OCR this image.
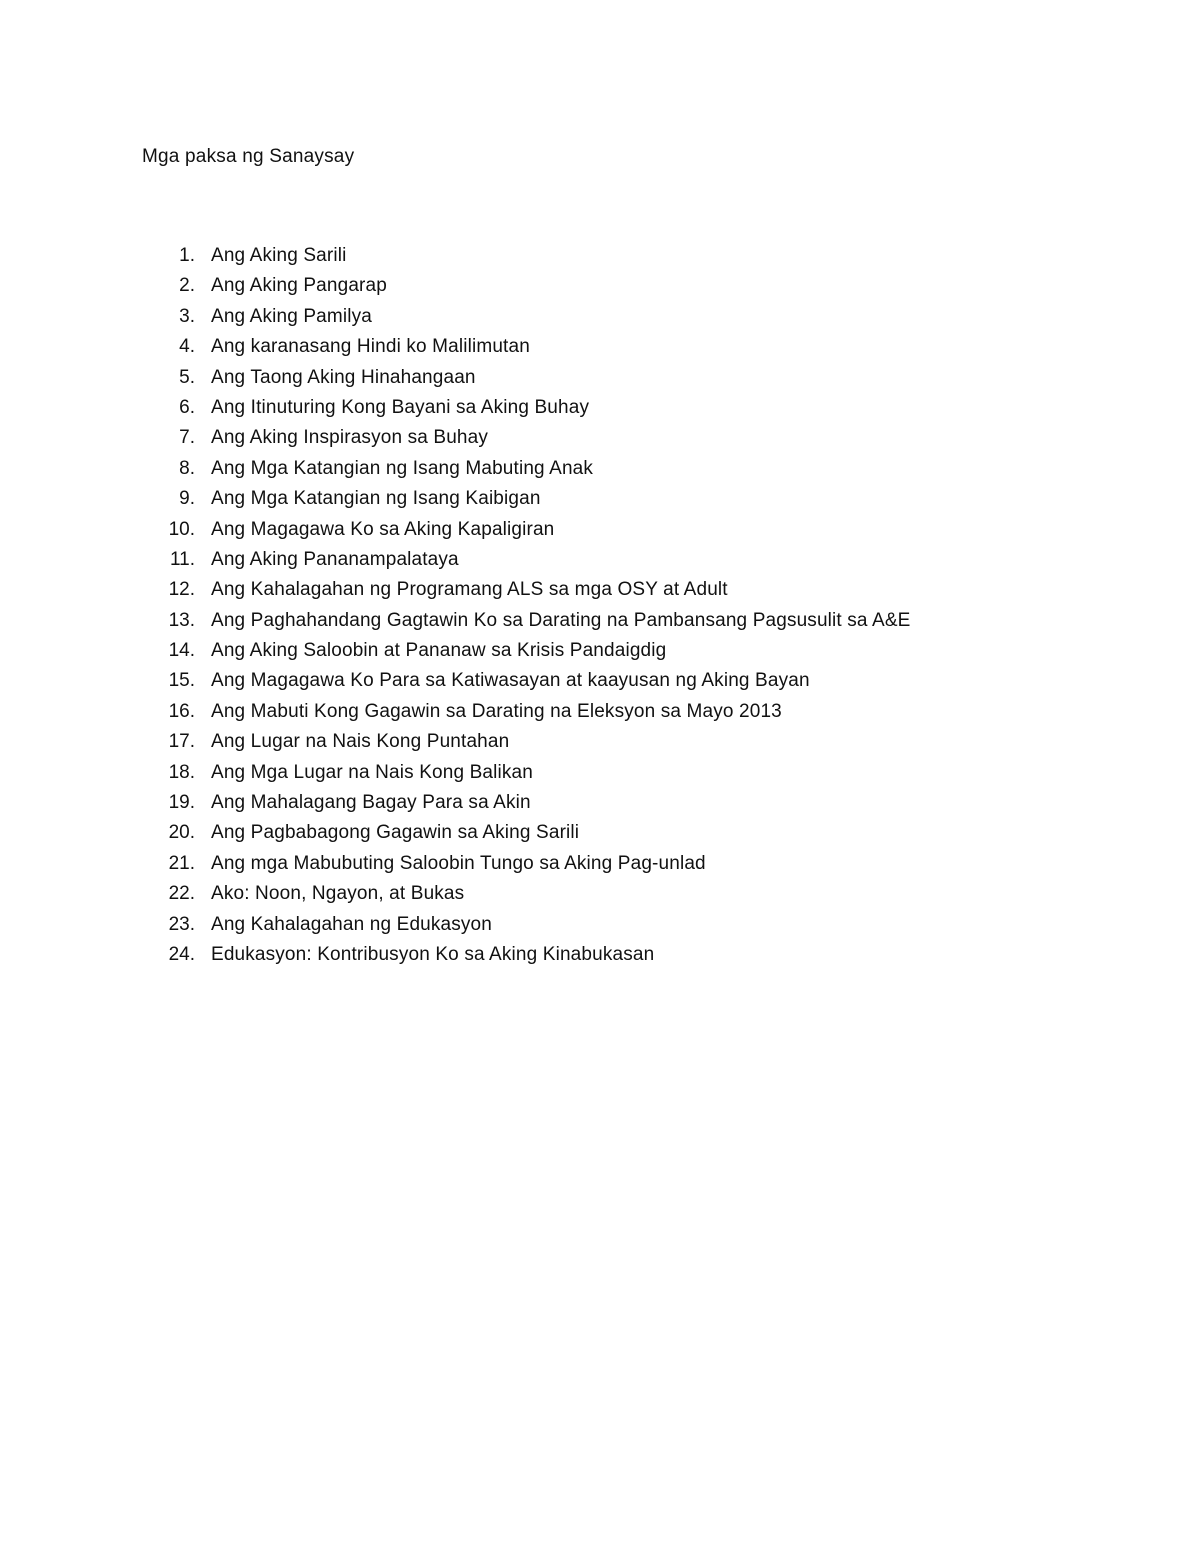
Mga paksa ng Sanaysay
1. Ang Aking Sarili
2. Ang Aking Pangarap
3. Ang Aking Pamilya
4. Ang karanasang Hindi ko Malilimutan
5. Ang Taong Aking Hinahangaan
6. Ang Itinuturing Kong Bayani sa Aking Buhay
7. Ang Aking Inspirasyon sa Buhay
8. Ang Mga Katangian ng Isang Mabuting Anak
9. Ang Mga Katangian ng Isang Kaibigan
10. Ang Magagawa Ko sa Aking Kapaligiran
11. Ang Aking Pananampalataya
12. Ang Kahalagahan ng Programang ALS sa mga OSY at Adult
13. Ang Paghahandang Gagtawin Ko sa Darating na Pambansang Pagsusulit sa A&E
14. Ang Aking Saloobin at Pananaw sa Krisis Pandaigdig
15. Ang Magagawa Ko Para sa Katiwasayan at kaayusan ng Aking Bayan
16. Ang Mabuti Kong Gagawin sa Darating na Eleksyon sa Mayo 2013
17. Ang Lugar na Nais Kong Puntahan
18. Ang Mga Lugar na Nais Kong Balikan
19. Ang Mahalagang Bagay Para sa Akin
20. Ang Pagbabagong Gagawin sa Aking Sarili
21. Ang mga Mabubuting Saloobin Tungo sa Aking Pag-unlad
22. Ako: Noon, Ngayon, at Bukas
23. Ang Kahalagahan ng Edukasyon
24. Edukasyon: Kontribusyon Ko sa Aking Kinabukasan
